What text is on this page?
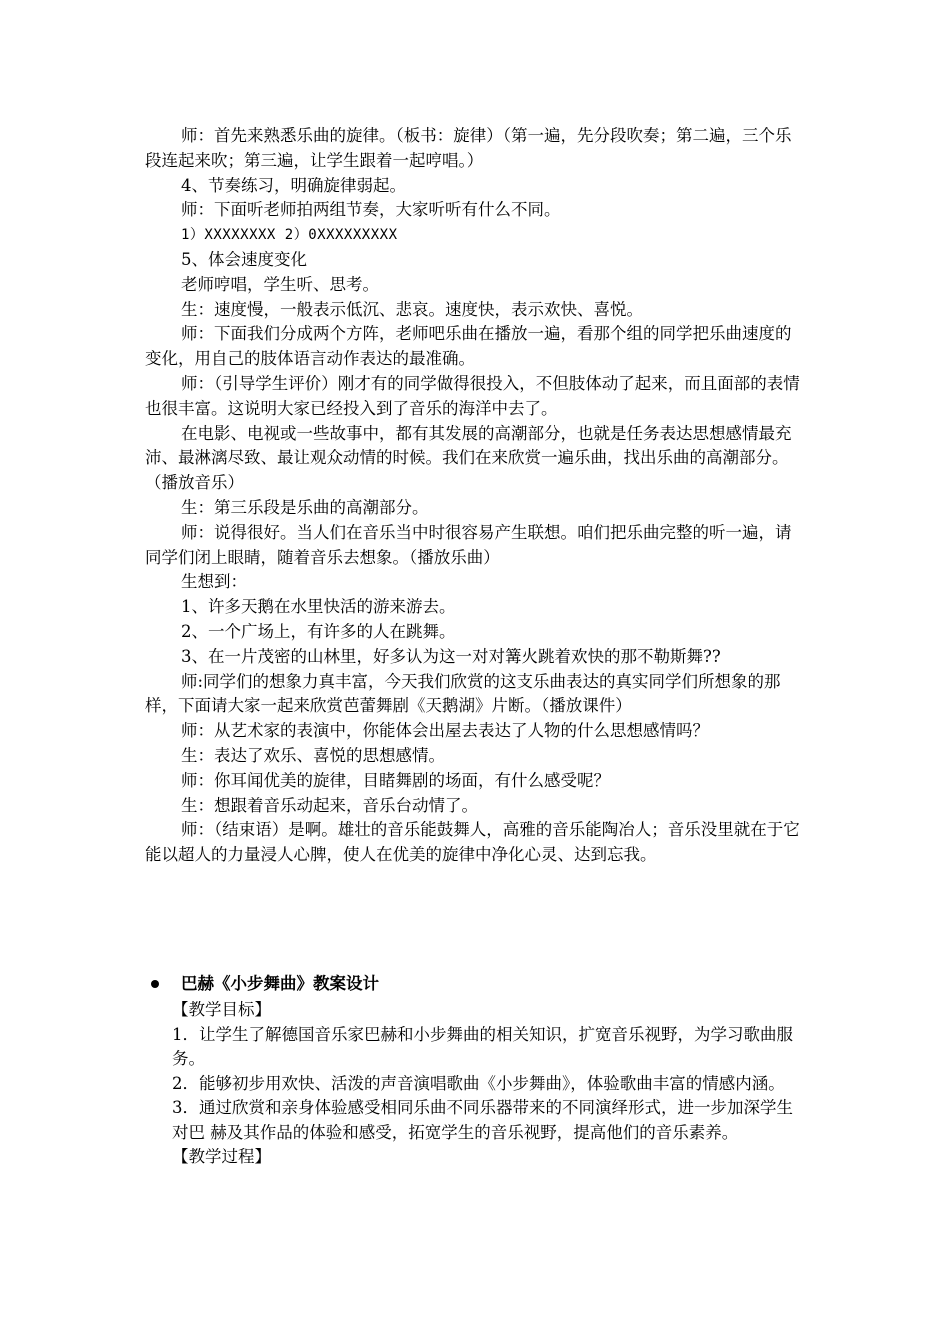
师：首先来熟悉乐曲的旋律。（板书：旋律）（第一遍，先分段吹奏；第二遍，三个乐段连起来吹；第三遍，让学生跟着一起哼唱。）

4、节奏练习，明确旋律弱起。

师：下面听老师拍两组节奏，大家听听有什么不同。

1）XXXXXXXX 2）0XXXXXXXXX

5、体会速度变化

老师哼唱，学生听、思考。

生：速度慢，一般表示低沉、悲哀。速度快，表示欢快、喜悦。

师：下面我们分成两个方阵，老师吧乐曲在播放一遍，看那个组的同学把乐曲速度的变化，用自己的肢体语言动作表达的最准确。

师：（引导学生评价）刚才有的同学做得很投入，不但肢体动了起来，而且面部的表情也很丰富。这说明大家已经投入到了音乐的海洋中去了。

在电影、电视或一些故事中，都有其发展的高潮部分，也就是任务表达思想感情最充沛、最淋漓尽致、最让观众动情的时候。我们在来欣赏一遍乐曲，找出乐曲的高潮部分。（播放音乐）

生：第三乐段是乐曲的高潮部分。

师：说得很好。当人们在音乐当中时很容易产生联想。咱们把乐曲完整的听一遍，请同学们闭上眼睛，随着音乐去想象。（播放乐曲）

生想到：

1、许多天鹅在水里快活的游来游去。

2、一个广场上，有许多的人在跳舞。

3、在一片茂密的山林里，好多认为这一对对篝火跳着欢快的那不勒斯舞??

师:同学们的想象力真丰富，今天我们欣赏的这支乐曲表达的真实同学们所想象的那样，下面请大家一起来欣赏芭蕾舞剧《天鹅湖》片断。（播放课件）

师：从艺术家的表演中，你能体会出屋去表达了人物的什么思想感情吗？

生：表达了欢乐、喜悦的思想感情。

师：你耳闻优美的旋律，目睹舞剧的场面，有什么感受呢？

生：想跟着音乐动起来，音乐台动情了。

师：（结束语）是啊。雄壮的音乐能鼓舞人，高雅的音乐能陶冶人；音乐没里就在于它能以超人的力量浸人心脾，使人在优美的旋律中净化心灵、达到忘我。

巴赫《小步舞曲》教案设计

【教学目标】

1．让学生了解德国音乐家巴赫和小步舞曲的相关知识，扩宽音乐视野，为学习歌曲服务。

2．能够初步用欢快、活泼的声音演唱歌曲《小步舞曲》，体验歌曲丰富的情感内涵。

3．通过欣赏和亲身体验感受相同乐曲不同乐器带来的不同演绎形式，进一步加深学生对巴 赫及其作品的体验和感受，拓宽学生的音乐视野，提高他们的音乐素养。

【教学过程】
